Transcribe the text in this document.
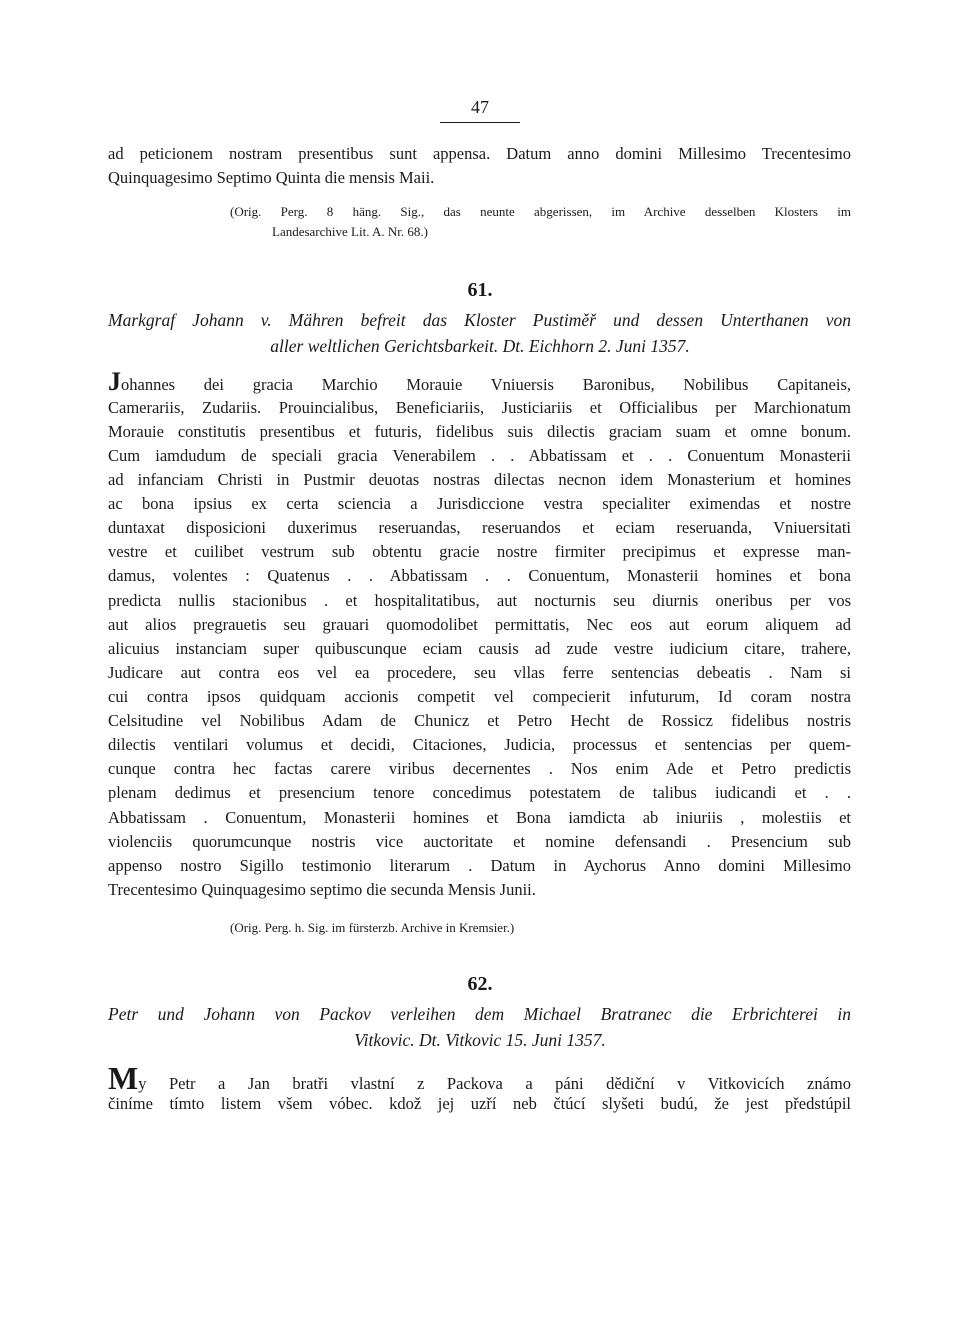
47

ad peticionem nostram presentibus sunt appensa. Datum anno domini Millesimo Trecentesimo

Quinquagesimo Septimo Quinta die mensis Maii.

(Orig. Perg. 8 häng. Sig., das neunte abgerissen, im Archive desselben Klosters im

Landesarchive Lit. A. Nr. 68.)

61.

Markgraf Johann v. Mähren befreit das Kloster Pustiměř und dessen Unterthanen von

aller weltlichen Gerichtsbarkeit. Dt. Eichhorn 2. Juni 1357.

Johannes dei gracia Marchio Morauie Vniuersis Baronibus, Nobilibus Capitaneis,

Camerariis, Zudariis. Prouincialibus, Beneficiariis, Justiciariis et Officialibus per Marchionatum

Morauie constitutis presentibus et futuris, fidelibus suis dilectis graciam suam et omne bonum.

Cum iamdudum de speciali gracia Venerabilem . . Abbatissam et . . Conuentum Monasterii

ad infanciam Christi in Pustmir deuotas nostras dilectas necnon idem Monasterium et homines

ac bona ipsius ex certa sciencia a Jurisdiccione vestra specialiter eximendas et nostre

duntaxat disposicioni duxerimus reseruandas, reseruandos et eciam reseruanda, Vniuersitati

vestre et cuilibet vestrum sub obtentu gracie nostre firmiter precipimus et expresse man-

damus, volentes : Quatenus . . Abbatissam . . Conuentum, Monasterii homines et bona

predicta nullis stacionibus . et hospitalitatibus, aut nocturnis seu diurnis oneribus per vos

aut alios pregrauetis seu grauari quomodolibet permittatis, Nec eos aut eorum aliquem ad

alicuius instanciam super quibuscunque eciam causis ad zude vestre iudicium citare, trahere,

Judicare aut contra eos vel ea procedere, seu vllas ferre sentencias debeatis . Nam si

cui contra ipsos quidquam accionis competit vel compecierit infuturum, Id coram nostra

Celsitudine vel Nobilibus Adam de Chunicz et Petro Hecht de Rossicz fidelibus nostris

dilectis ventilari volumus et decidi, Citaciones, Judicia, processus et sentencias per quem-

cunque contra hec factas carere viribus decernentes . Nos enim Ade et Petro predictis

plenam dedimus et presencium tenore concedimus potestatem de talibus iudicandi et . .

Abbatissam . Conuentum, Monasterii homines et Bona iamdicta ab iniuriis , molestiis et

violenciis quorumcunque nostris vice auctoritate et nomine defensandi . Presencium sub

appenso nostro Sigillo testimonio literarum . Datum in Aychorus Anno domini Millesimo

Trecentesimo Quinquagesimo septimo die secunda Mensis Junii.

(Orig. Perg. h. Sig. im fürsterzb. Archive in Kremsier.)

62.

Petr und Johann von Packov verleihen dem Michael Bratranec die Erbrichterei in

Vitkovic. Dt. Vitkovic 15. Juni 1357.

My Petr a Jan bratři vlastní z Packova a páni dědiční v Vitkovicích známo

činíme tímto listem všem vóbec. kdož jej uzří neb čtúcí slyšeti budú, že jest předstúpil
